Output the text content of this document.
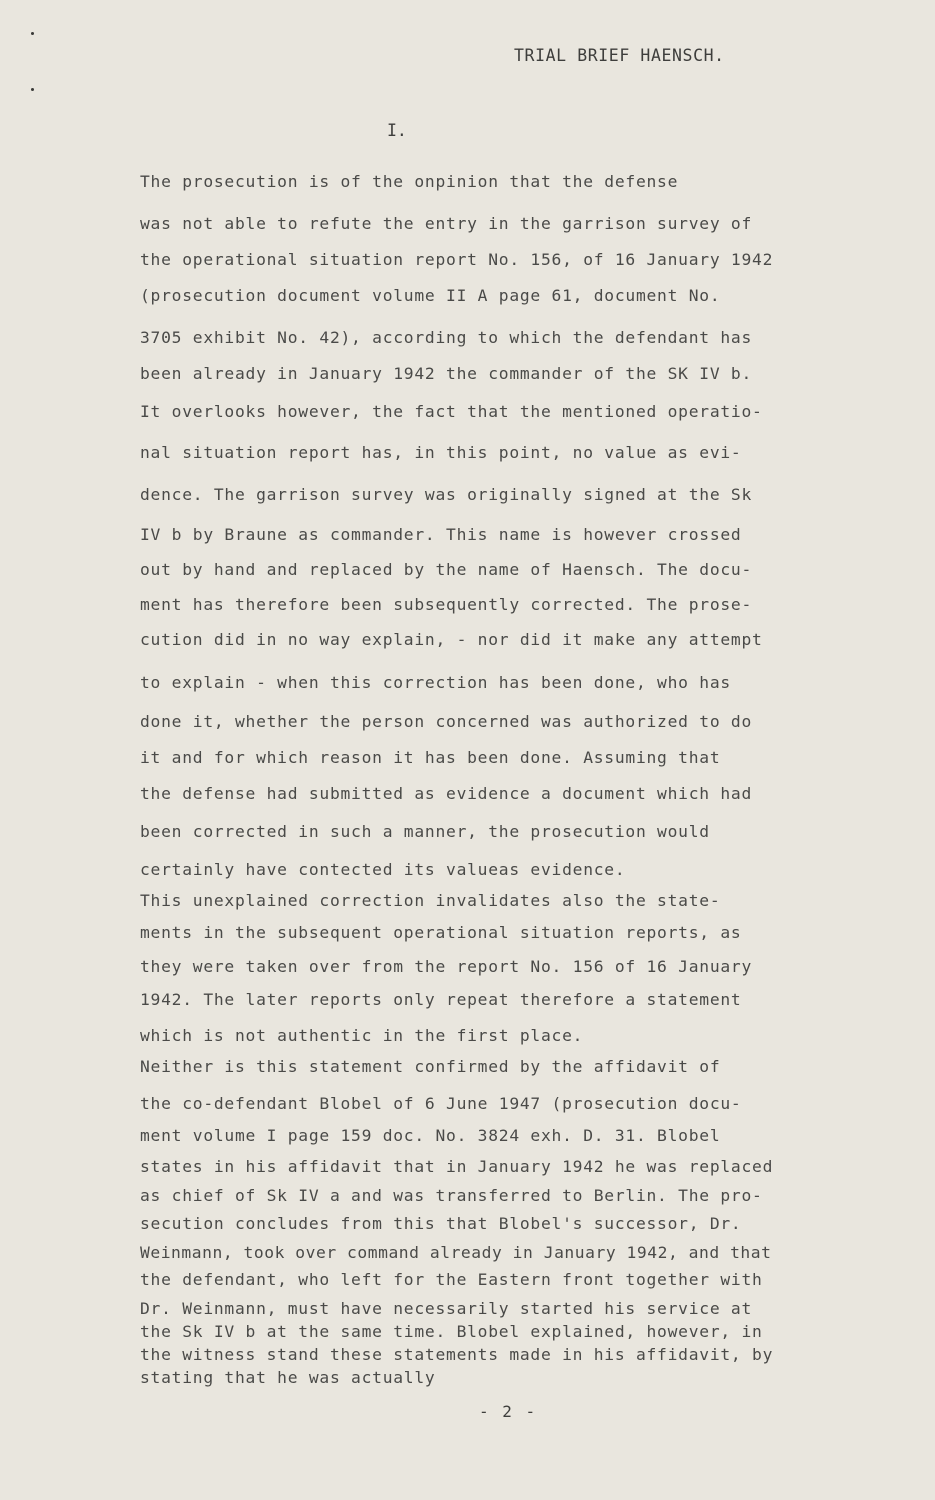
TRIAL BRIEF HAENSCH.
I.
The prosecution is of the onpinion that the defense
was not able to refute the entry in the garrison survey of
the operational situation report No. 156, of 16 January 1942
(prosecution document volume II A page 61, document No.
3705 exhibit No. 42), according to which the defendant has
been already in January 1942 the commander of the SK IV b.
It overlooks however, the fact that the mentioned operatio-
nal situation report has, in this point, no value as evi-
dence. The garrison survey was originally signed at the Sk
IV b by Braune as commander. This name is however crossed
out by hand and replaced by the name of Haensch. The docu-
ment has therefore been subsequently corrected. The prose-
cution did in no way explain, - nor did it make any attempt
to explain - when this correction has been done, who has
done it, whether the person concerned was authorized to do
it and for which reason it has been done. Assuming that
the defense had submitted as evidence a document which had
been corrected in such a manner, the prosecution would
certainly have contected its valueas evidence.
This unexplained correction invalidates also the state-
ments in the subsequent operational situation reports, as
they were taken over from the report No. 156 of 16 January
1942. The later reports only repeat therefore a statement
which is not authentic in the first place.
Neither is this statement confirmed by the affidavit of
the co-defendant Blobel of 6 June 1947 (prosecution docu-
ment volume I page 159 doc. No. 3824 exh. D. 31. Blobel
states in his affidavit that in January 1942 he was replaced
as chief of Sk IV a and was transferred to Berlin. The pro-
secution concludes from this that Blobel's successor, Dr.
Weinmann, took over command already in January 1942, and that
the defendant, who left for the Eastern front together with
Dr. Weinmann, must have necessarily started his service at
the Sk IV b at the same time. Blobel explained, however, in
the witness stand these statements made in his affidavit, by
stating that he was actually
- 2 -
